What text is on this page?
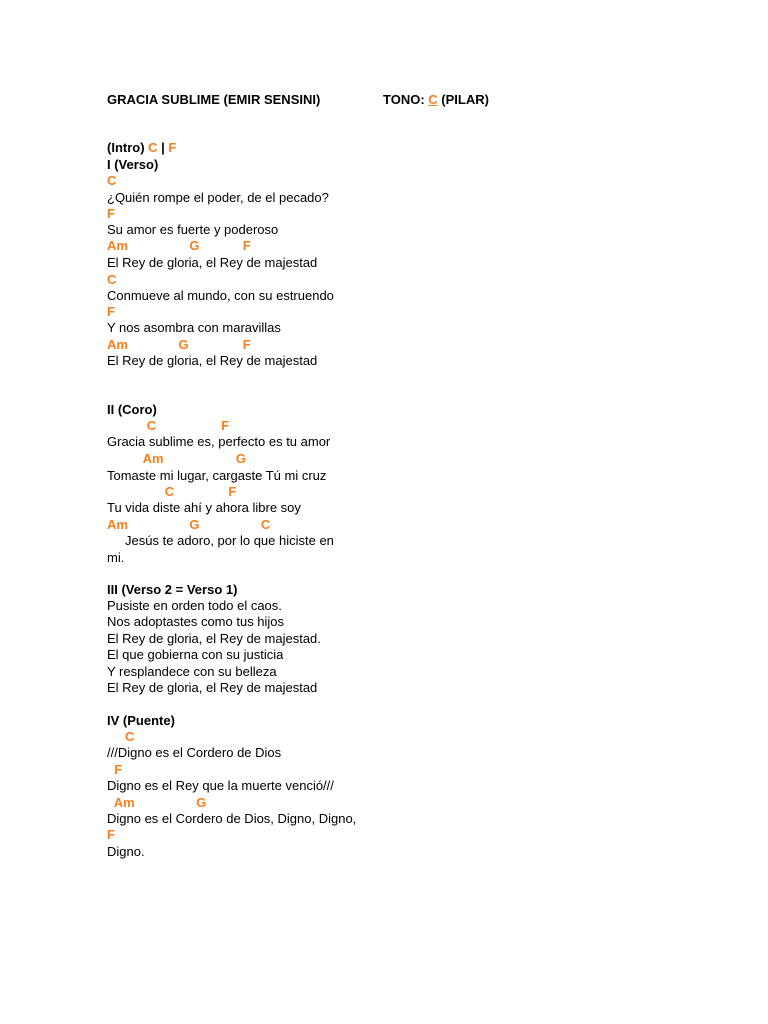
GRACIA SUBLIME (EMIR SENSINI)	TONO: C (PILAR)
(Intro) C | F
I (Verso)
C
¿Quién rompe el poder, de el pecado?
F
Su amor es fuerte y poderoso
Am                 G            F
El Rey de gloria, el Rey de majestad
C
Conmueve al mundo, con su estruendo
F
Y nos asombra con maravillas
Am              G               F
El Rey de gloria, el Rey de majestad
II (Coro)
C                  F
Gracia sublime es, perfecto es tu amor
Am                    G
Tomaste mi lugar, cargaste Tú mi cruz
C               F
Tu vida diste ahí y ahora libre soy
Am                 G                 C
Jesús te adoro, por lo que hiciste en
mi.
III (Verso 2 = Verso 1)
Pusiste en orden todo el caos.
Nos adoptastes como tus hijos
El Rey de gloria, el Rey de majestad.
El que gobierna con su justicia
Y resplandece con su belleza
El Rey de gloria, el Rey de majestad
IV (Puente)
C
///Digno es el Cordero de Dios
F
Digno es el Rey que la muerte venció///
Am                 G
Digno es el Cordero de Dios, Digno, Digno,
F
Digno.
